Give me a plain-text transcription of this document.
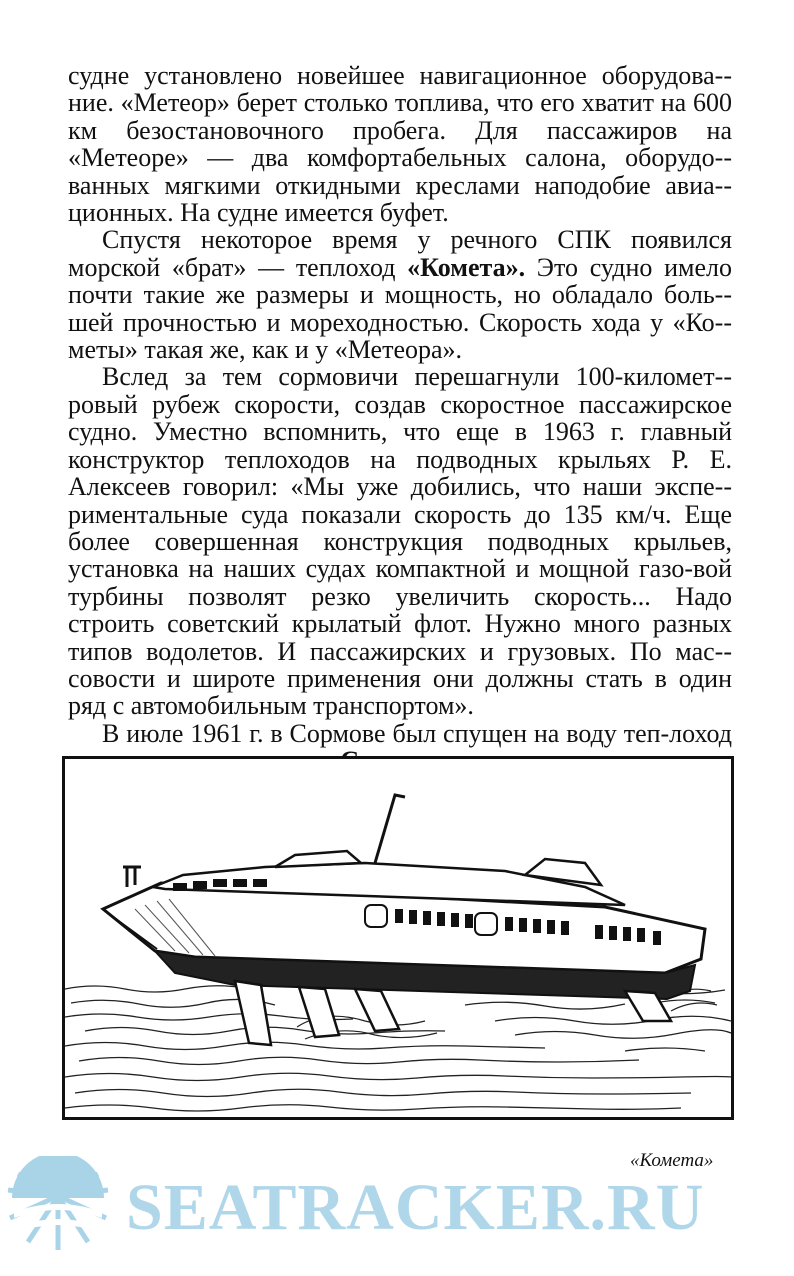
судне установлено новейшее навигационное оборудова-ние. «Метеор» берет столько топлива, что его хватит на 600 км безостановочного пробега. Для пассажиров на «Метеоре» — два комфортабельных салона, оборудо-ванных мягкими откидными креслами наподобие авиа-ционных. На судне имеется буфет.

Спустя некоторое время у речного СПК появился морской «брат» — теплоход «Комета». Это судно имело почти такие же размеры и мощность, но обладало боль-шей прочностью и мореходностью. Скорость хода у «Ко-меты» такая же, как и у «Метеора».

Вслед за тем сормовичи перешагнули 100-километ-ровый рубеж скорости, создав скоростное пассажирское судно. Уместно вспомнить, что еще в 1963 г. главный конструктор теплоходов на подводных крыльях Р. Е. Алексеев говорил: «Мы уже добились, что наши экспе-риментальные суда показали скорость до 135 км/ч. Еще более совершенная конструкция подводных крыльев, установка на наших судах компактной и мощной газо-вой турбины позволят резко увеличить скорость... Надо строить советский крылатый флот. Нужно много разных типов водолетов. И пассажирских и грузовых. По мас-совости и широте применения они должны стать в один ряд с автомобильным транспортом».

В июле 1961 г. в Сормове был спущен на воду теп-лоход

«Комета»
SEATRACKER.RU
